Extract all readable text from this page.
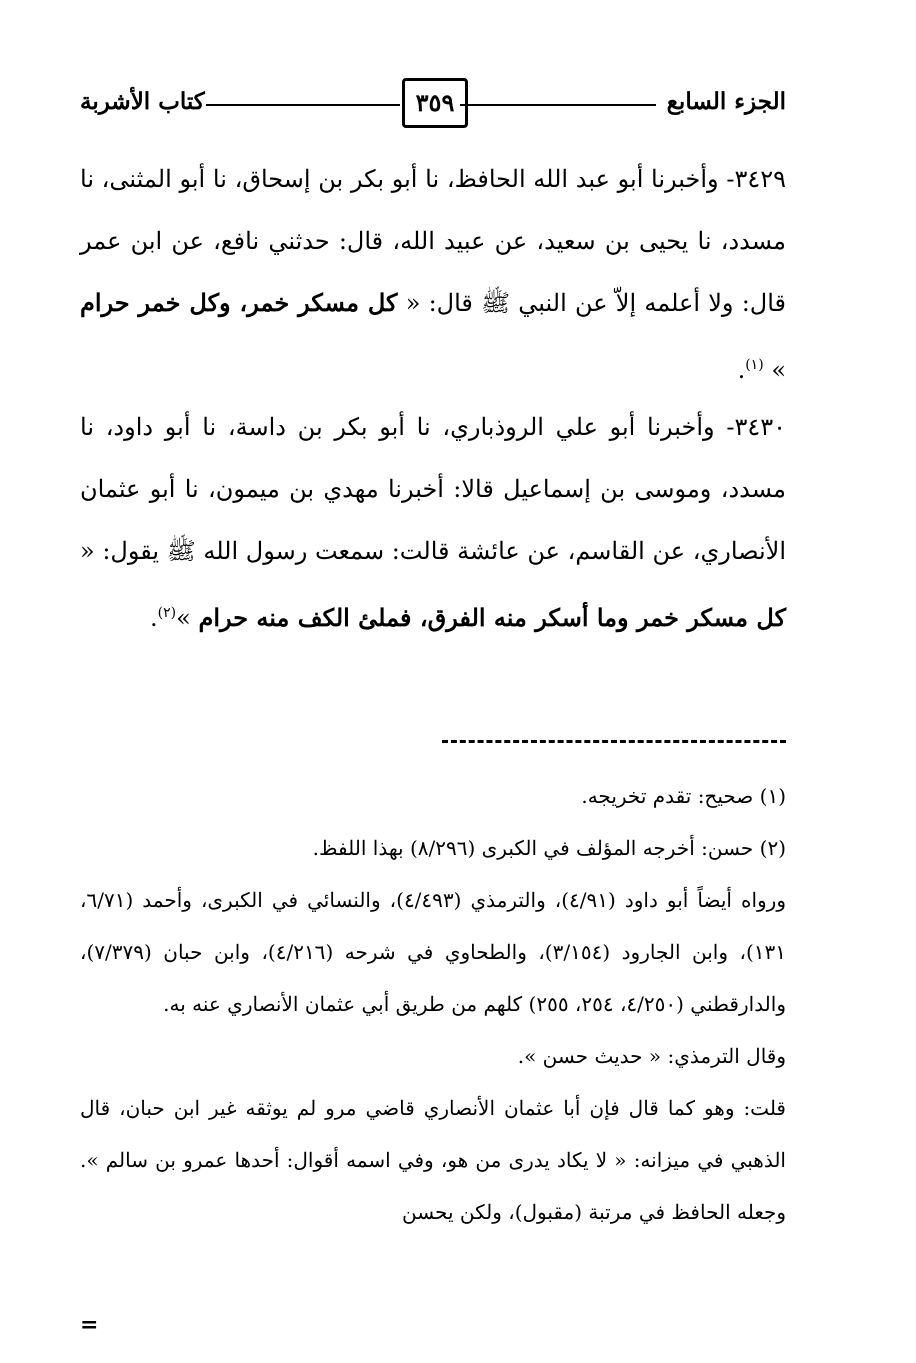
الجزء السابع
٣٥٩
كتاب الأشربة

٣٤٢٩- وأخبرنا أبو عبد الله الحافظ، نا أبو بكر بن إسحاق، نا أبو المثنى، نا مسدد، نا يحيى بن سعيد، عن عبيد الله، قال: حدثني نافع، عن ابن عمر قال: ولا أعلمه إلاّ عن النبي ﷺ قال: « كل مسكر خمر، وكل خمر حرام » $^{(١)}$.

٣٤٣٠- وأخبرنا أبو علي الروذباري، نا أبو بكر بن داسة، نا أبو داود، نا مسدد، وموسى بن إسماعيل قالا: أخبرنا مهدي بن ميمون، نا أبو عثمان الأنصاري، عن القاسم، عن عائشة قالت: سمعت رسول الله ﷺ يقول: « كل مسكر خمر وما أسكر منه الفرق، فملئ الكف منه حرام »$^{(٢)}$.

(١) صحيح: تقدم تخريجه.

(٢) حسن: أخرجه المؤلف في الكبرى (٨/٢٩٦) بهذا اللفظ.

ورواه أيضاً أبو داود (٤/٩١)، والترمذي (٤/٤٩٣)، والنسائي في الكبرى، وأحمد (٦/٧١، ١٣١)، وابن الجارود (٣/١٥٤)، والطحاوي في شرحه (٤/٢١٦)، وابن حبان (٧/٣٧٩)، والدارقطني (٤/٢٥٠، ٢٥٤، ٢٥٥) كلهم من طريق أبي عثمان الأنصاري عنه به.

وقال الترمذي: « حديث حسن ».

قلت: وهو كما قال فإن أبا عثمان الأنصاري قاضي مرو لم يوثقه غير ابن حبان، قال الذهبي في ميزانه: « لا يكاد يدرى من هو، وفي اسمه أقوال: أحدها عمرو بن سالم ». وجعله الحافظ في مرتبة (مقبول)، ولكن يحسن

=
